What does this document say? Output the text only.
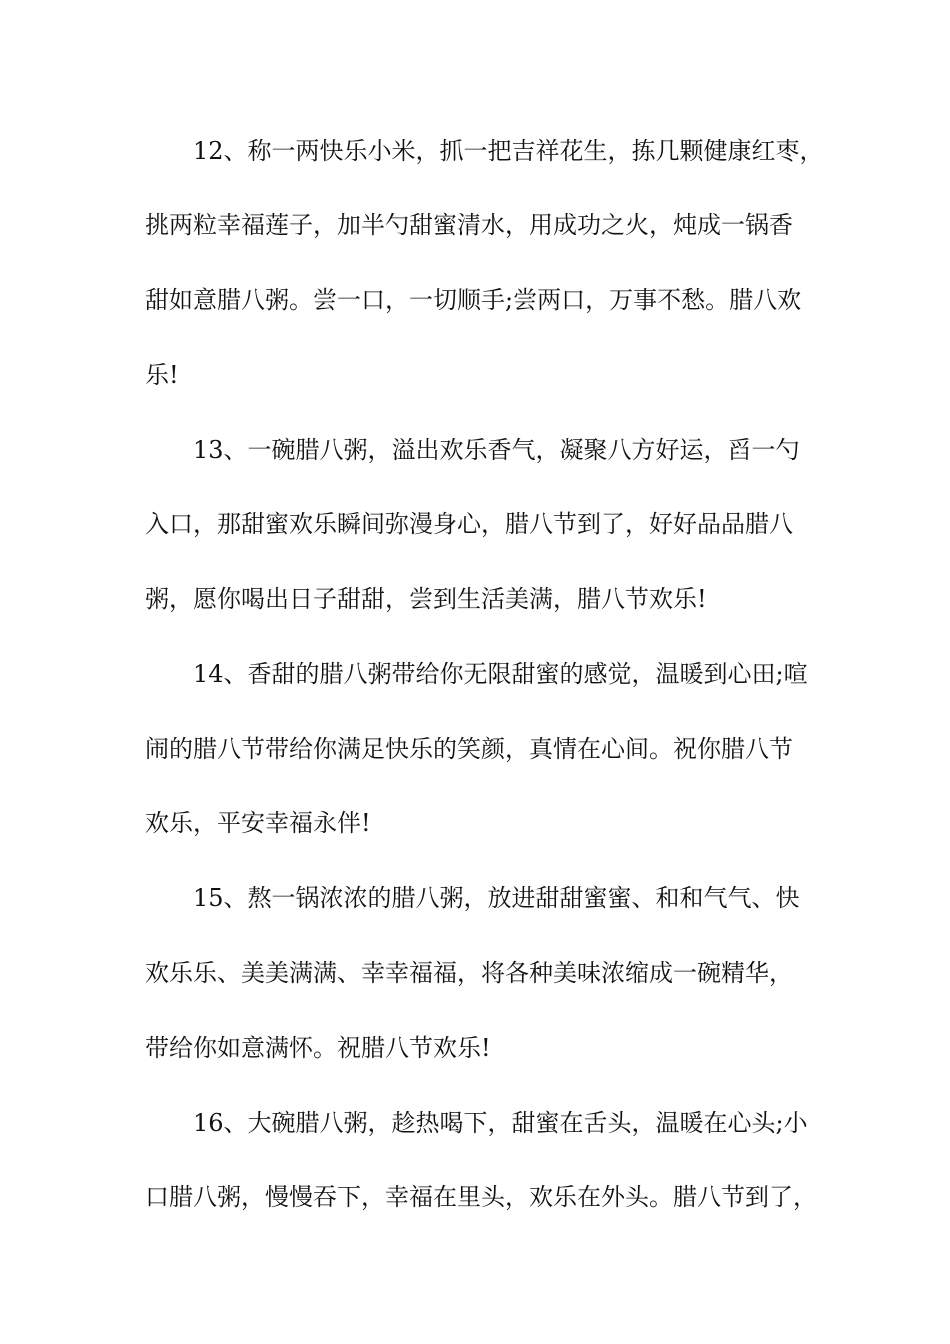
12、称一两快乐小米，抓一把吉祥花生，拣几颗健康红枣，
挑两粒幸福莲子，加半勺甜蜜清水，用成功之火，炖成一锅香
甜如意腊八粥。尝一口，一切顺手;尝两口，万事不愁。腊八欢
乐!
13、一碗腊八粥，溢出欢乐香气，凝聚八方好运，舀一勺
入口，那甜蜜欢乐瞬间弥漫身心，腊八节到了，好好品品腊八
粥，愿你喝出日子甜甜，尝到生活美满，腊八节欢乐!
14、香甜的腊八粥带给你无限甜蜜的感觉，温暖到心田;喧
闹的腊八节带给你满足快乐的笑颜，真情在心间。祝你腊八节
欢乐，平安幸福永伴!
15、熬一锅浓浓的腊八粥，放进甜甜蜜蜜、和和气气、快
欢乐乐、美美满满、幸幸福福，将各种美味浓缩成一碗精华，
带给你如意满怀。祝腊八节欢乐!
16、大碗腊八粥，趁热喝下，甜蜜在舌头，温暖在心头;小
口腊八粥，慢慢吞下，幸福在里头，欢乐在外头。腊八节到了，
